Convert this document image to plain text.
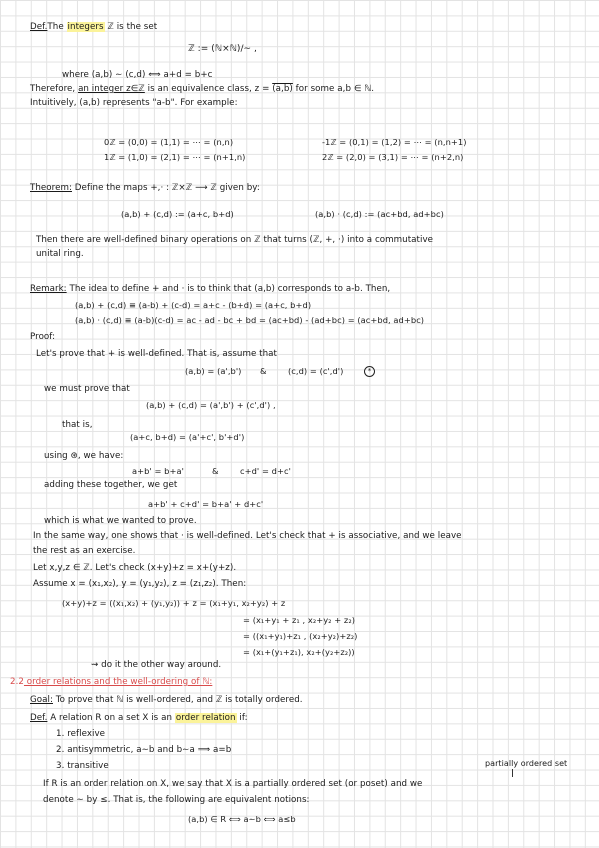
Def.The integers ℤ is the set
ℤ := (ℕ×ℕ)/∼ ,
where (a,b) ∼ (c,d) ⟺ a+d = b+c
Therefore, an integer z∈ℤ is an equivalence class, z = (a,b) for some a,b ∈ ℕ.
Intuitively, (a,b) represents "a-b". For example:
0ℤ = (0,0) = (1,1) = ⋯ = (n,n)
1ℤ = (1,0) = (2,1) = ⋯ = (n+1,n)
-1ℤ = (0,1) = (1,2) = ⋯ = (n,n+1)
2ℤ = (2,0) = (3,1) = ⋯ = (n+2,n)
Theorem: Define the maps +,· : ℤ×ℤ ⟶ ℤ given by:
(a,b) + (c,d) := (a+c, b+d)	(a,b) · (c,d) := (ac+bd, ad+bc)
Then there are well-defined binary operations on ℤ that turns (ℤ, +, ·) into a commutative
unital ring.
Remark: The idea to define + and · is to think that (a,b) corresponds to a-b. Then,
(a,b) + (c,d) ≡ (a-b) + (c-d) = a+c - (b+d) = (a+c, b+d)
(a,b) · (c,d) ≡ (a-b)(c-d) = ac - ad - bc + bd = (ac+bd) - (ad+bc) = (ac+bd, ad+bc)
Proof:
Let's prove that + is well-defined. That is, assume that
(a,b) = (a',b') &	(c,d) = (c',d')	*
we must prove that
(a,b) + (c,d) = (a',b') + (c',d') ,
that is,
(a+c, b+d) = (a'+c', b'+d')
using ⊛, we have:
a+b' = b+a'	&	c+d' = d+c'
adding these together, we get
a+b' + c+d' = b+a' + d+c'
which is what we wanted to prove.
In the same way, one shows that · is well-defined. Let's check that + is associative, and we leave
the rest as an exercise.
Let x,y,z ∈ ℤ. Let's check (x+y)+z = x+(y+z).
Assume x = (x₁,x₂), y = (y₁,y₂), z = (z₁,z₂). Then:
(x+y)+z = ((x₁,x₂) + (y₁,y₂)) + z = (x₁+y₁, x₂+y₂) + z
= (x₁+y₁ + z₁ , x₂+y₂ + z₂)
= ((x₁+y₁)+z₁ , (x₂+y₂)+z₂)
= (x₁+(y₁+z₁), x₂+(y₂+z₂))
⇝ do it the other way around.
2.2 order relations and the well-ordering of ℕ:
Goal: To prove that ℕ is well-ordered, and ℤ is totally ordered.
Def. A relation R on a set X is an order relation if:
1. reflexive
2. antisymmetric, a∼b and b∼a ⟹ a=b
3. transitive	partially ordered set
If R is an order relation on X, we say that X is a partially ordered set (or poset) and we
denote ∼ by ≤. That is, the following are equivalent notions:
(a,b) ∈ R ⟺ a∼b ⟺ a≤b
